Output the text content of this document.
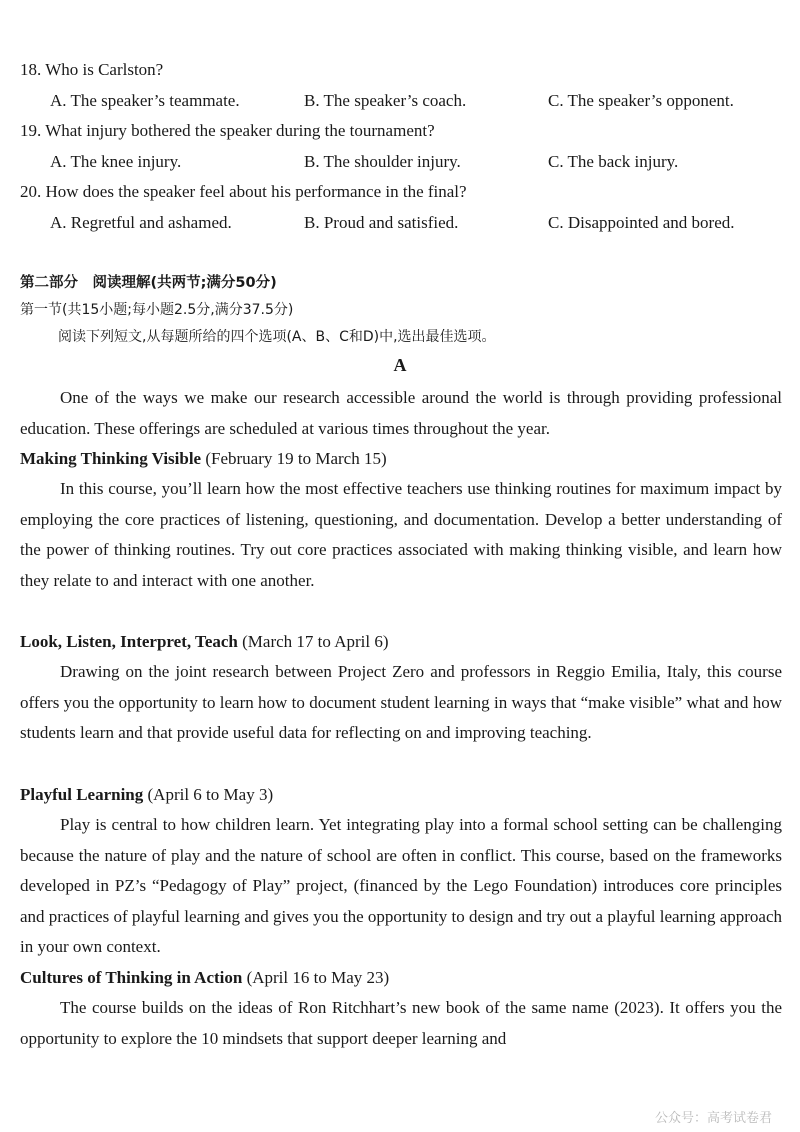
18. Who is Carlston?
A. The speaker’s teammate.	B. The speaker’s coach.	C. The speaker’s opponent.
19. What injury bothered the speaker during the tournament?
A. The knee injury.	B. The shoulder injury.	C. The back injury.
20. How does the speaker feel about his performance in the final?
A. Regretful and ashamed.	B. Proud and satisfied.	C. Disappointed and bored.
第二部分　阅读理解(共两节;满分50分)
第一节(共15小题;每小题2.5分,满分37.5分)
阅读下列短文,从每题所给的四个选项(A、B、C和D)中,选出最佳选项。
A
One of the ways we make our research accessible around the world is through providing professional education. These offerings are scheduled at various times throughout the year.
Making Thinking Visible (February 19 to March 15)
In this course, you’ll learn how the most effective teachers use thinking routines for maximum impact by employing the core practices of listening, questioning, and documentation. Develop a better understanding of the power of thinking routines. Try out core practices associated with making thinking visible, and learn how they relate to and interact with one another.
Look, Listen, Interpret, Teach (March 17 to April 6)
Drawing on the joint research between Project Zero and professors in Reggio Emilia, Italy, this course offers you the opportunity to learn how to document student learning in ways that “make visible” what and how students learn and that provide useful data for reflecting on and improving teaching.
Playful Learning (April 6 to May 3)
Play is central to how children learn. Yet integrating play into a formal school setting can be challenging because the nature of play and the nature of school are often in conflict. This course, based on the frameworks developed in PZ’s “Pedagogy of Play” project, (financed by the Lego Foundation) introduces core principles and practices of playful learning and gives you the opportunity to design and try out a playful learning approach in your own context.
Cultures of Thinking in Action (April 16 to May 23)
The course builds on the ideas of Ron Ritchhart’s new book of the same name (2023). It offers you the opportunity to explore the 10 mindsets that support deeper learning and
公众号：高考试卷君
